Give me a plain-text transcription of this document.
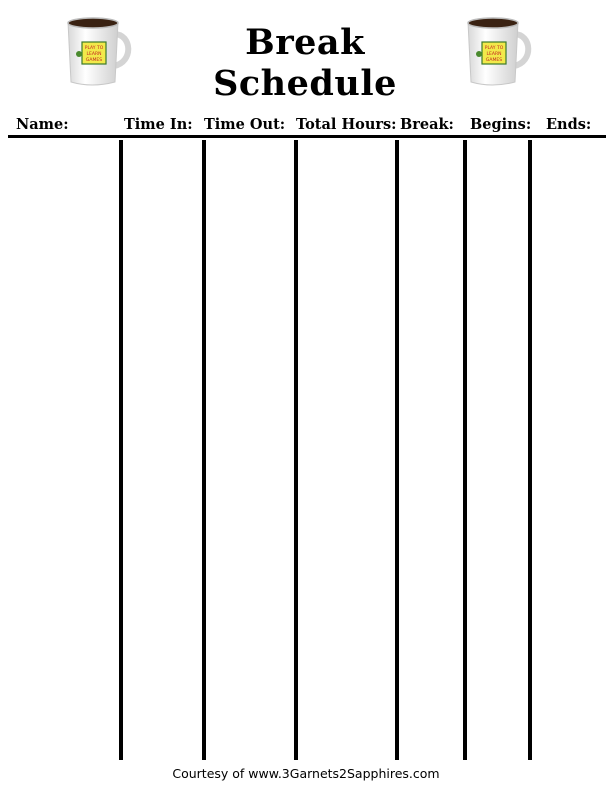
PLAY TO
LEARN
GAMES
PLAY TO
LEARN
GAMES
Break Schedule
Name:	Time In: Time Out: Total Hours: Break: Begins: Ends:
Courtesy of www.3Garnets2Sapphires.com
